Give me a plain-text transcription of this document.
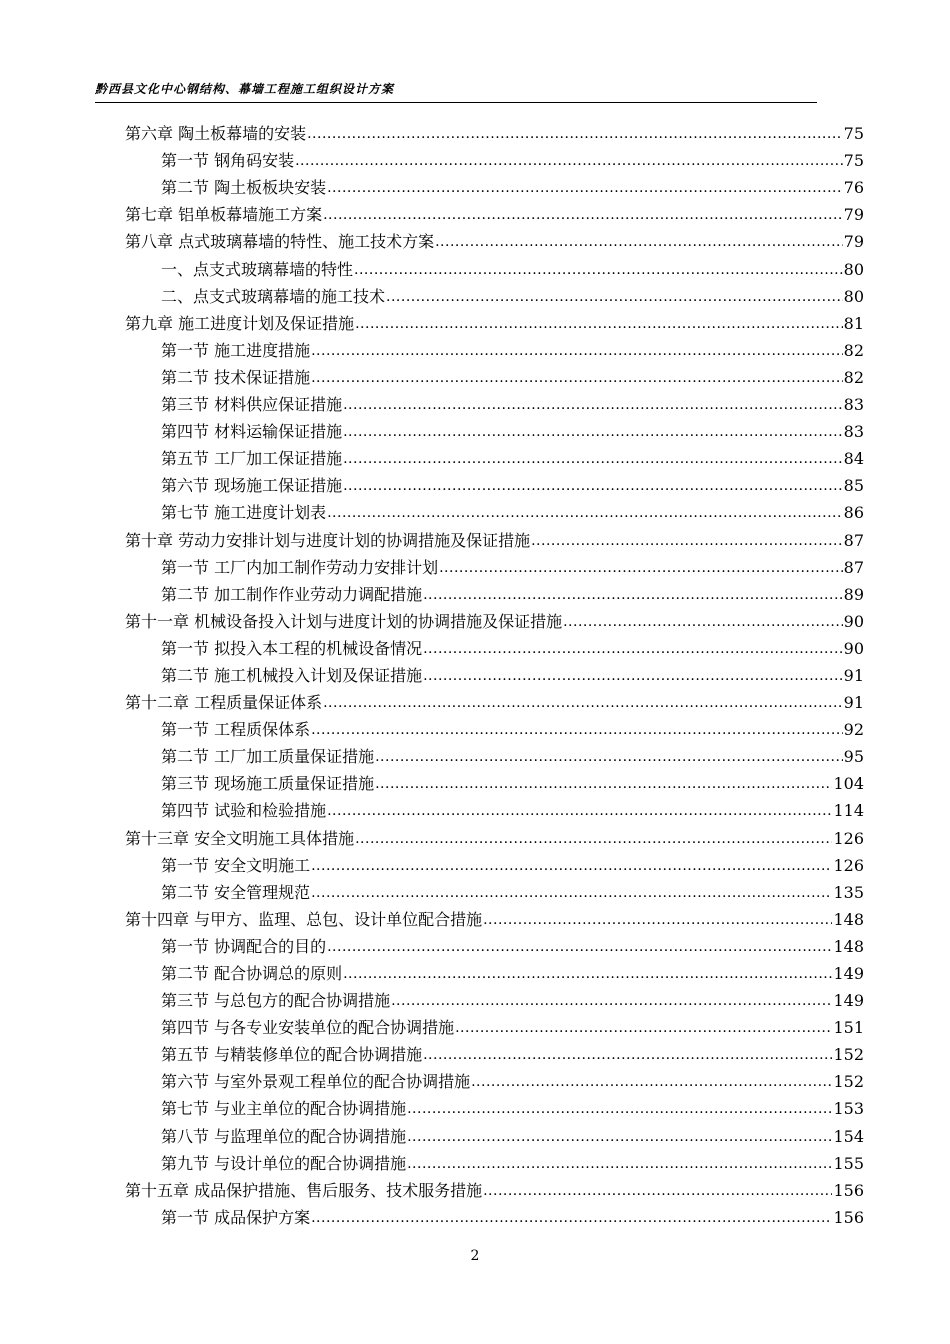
黔西县文化中心钢结构、幕墙工程施工组织设计方案
第六章 陶土板幕墙的安装 .....	75
第一节 钢角码安装 .....	75
第二节 陶土板板块安装 .....	76
第七章 铝单板幕墙施工方案 .....	79
第八章 点式玻璃幕墙的特性、施工技术方案 .....	79
一、点支式玻璃幕墙的特性 .....	80
二、点支式玻璃幕墙的施工技术 .....	80
第九章 施工进度计划及保证措施 .....	81
第一节 施工进度措施 .....	82
第二节 技术保证措施 .....	82
第三节 材料供应保证措施 .....	83
第四节 材料运输保证措施 .....	83
第五节 工厂加工保证措施 .....	84
第六节 现场施工保证措施 .....	85
第七节 施工进度计划表 .....	86
第十章 劳动力安排计划与进度计划的协调措施及保证措施 .....	87
第一节 工厂内加工制作劳动力安排计划 .....	87
第二节 加工制作作业劳动力调配措施 .....	89
第十一章 机械设备投入计划与进度计划的协调措施及保证措施 .....	90
第一节 拟投入本工程的机械设备情况 .....	90
第二节 施工机械投入计划及保证措施 .....	91
第十二章 工程质量保证体系 .....	91
第一节 工程质保体系 .....	92
第二节 工厂加工质量保证措施 .....	95
第三节 现场施工质量保证措施 .....	104
第四节 试验和检验措施 .....	114
第十三章 安全文明施工具体措施 .....	126
第一节 安全文明施工 .....	126
第二节 安全管理规范 .....	135
第十四章 与甲方、监理、总包、设计单位配合措施 .....	148
第一节 协调配合的目的 .....	148
第二节 配合协调总的原则 .....	149
第三节 与总包方的配合协调措施 .....	149
第四节 与各专业安装单位的配合协调措施 .....	151
第五节 与精装修单位的配合协调措施 .....	152
第六节 与室外景观工程单位的配合协调措施 .....	152
第七节 与业主单位的配合协调措施 .....	153
第八节 与监理单位的配合协调措施 .....	154
第九节 与设计单位的配合协调措施 .....	155
第十五章 成品保护措施、售后服务、技术服务措施 .....	156
第一节 成品保护方案 .....	156
2
